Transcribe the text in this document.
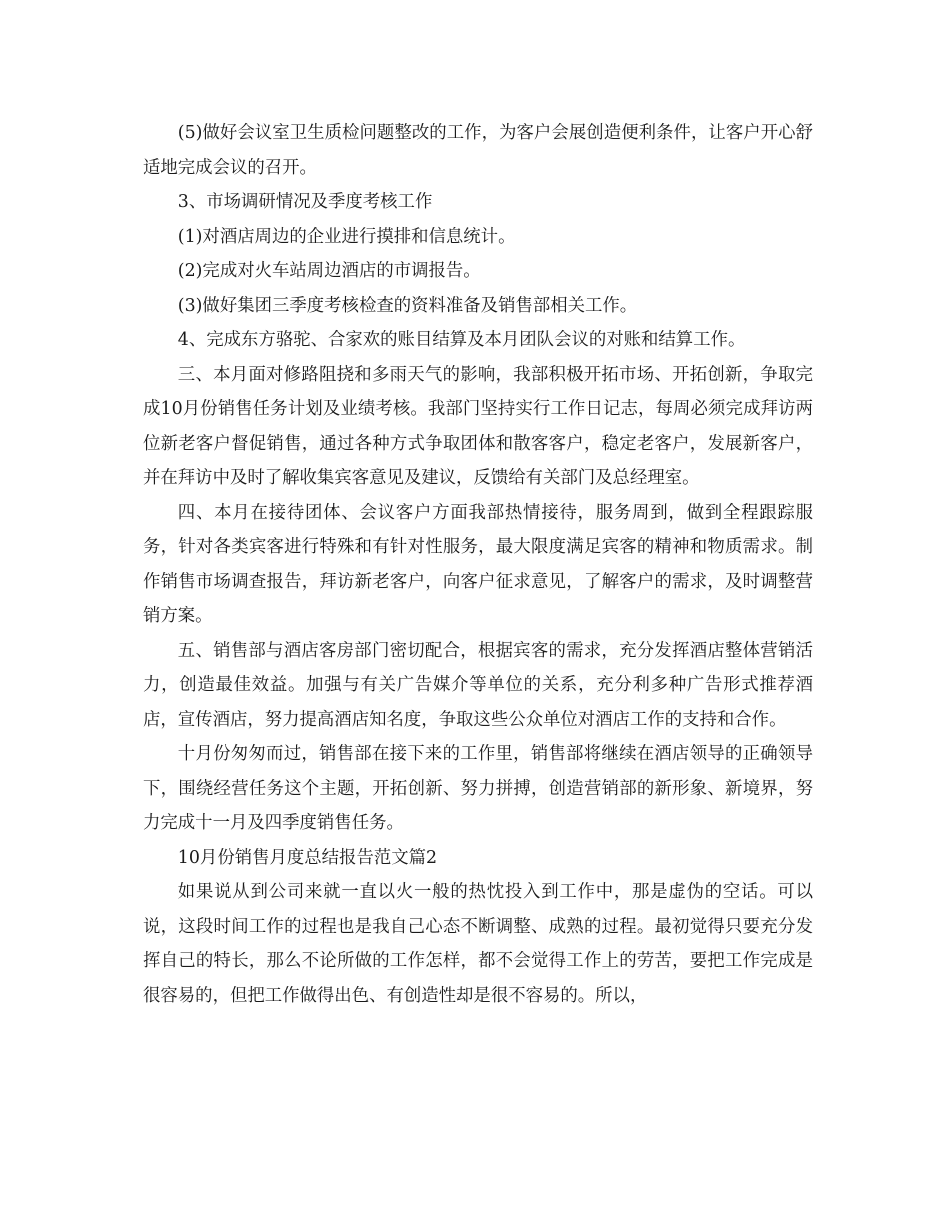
(5)做好会议室卫生质检问题整改的工作，为客户会展创造便利条件，让客户开心舒适地完成会议的召开。

3、市场调研情况及季度考核工作

(1)对酒店周边的企业进行摸排和信息统计。

(2)完成对火车站周边酒店的市调报告。

(3)做好集团三季度考核检查的资料准备及销售部相关工作。

4、完成东方骆驼、合家欢的账目结算及本月团队会议的对账和结算工作。

三、本月面对修路阻挠和多雨天气的影响，我部积极开拓市场、开拓创新，争取完成10月份销售任务计划及业绩考核。我部门坚持实行工作日记志，每周必须完成拜访两位新老客户督促销售，通过各种方式争取团体和散客客户，稳定老客户，发展新客户，并在拜访中及时了解收集宾客意见及建议，反馈给有关部门及总经理室。

四、本月在接待团体、会议客户方面我部热情接待，服务周到，做到全程跟踪服务，针对各类宾客进行特殊和有针对性服务，最大限度满足宾客的精神和物质需求。制作销售市场调查报告，拜访新老客户，向客户征求意见，了解客户的需求，及时调整营销方案。

五、销售部与酒店客房部门密切配合，根据宾客的需求，充分发挥酒店整体营销活力，创造最佳效益。加强与有关广告媒介等单位的关系，充分利多种广告形式推荐酒店，宣传酒店，努力提高酒店知名度，争取这些公众单位对酒店工作的支持和合作。

十月份匆匆而过，销售部在接下来的工作里，销售部将继续在酒店领导的正确领导下，围绕经营任务这个主题，开拓创新、努力拼搏，创造营销部的新形象、新境界，努力完成十一月及四季度销售任务。

10月份销售月度总结报告范文篇2

如果说从到公司来就一直以火一般的热忱投入到工作中，那是虚伪的空话。可以说，这段时间工作的过程也是我自己心态不断调整、成熟的过程。最初觉得只要充分发挥自己的特长，那么不论所做的工作怎样，都不会觉得工作上的劳苦，要把工作完成是很容易的，但把工作做得出色、有创造性却是很不容易的。所以，
